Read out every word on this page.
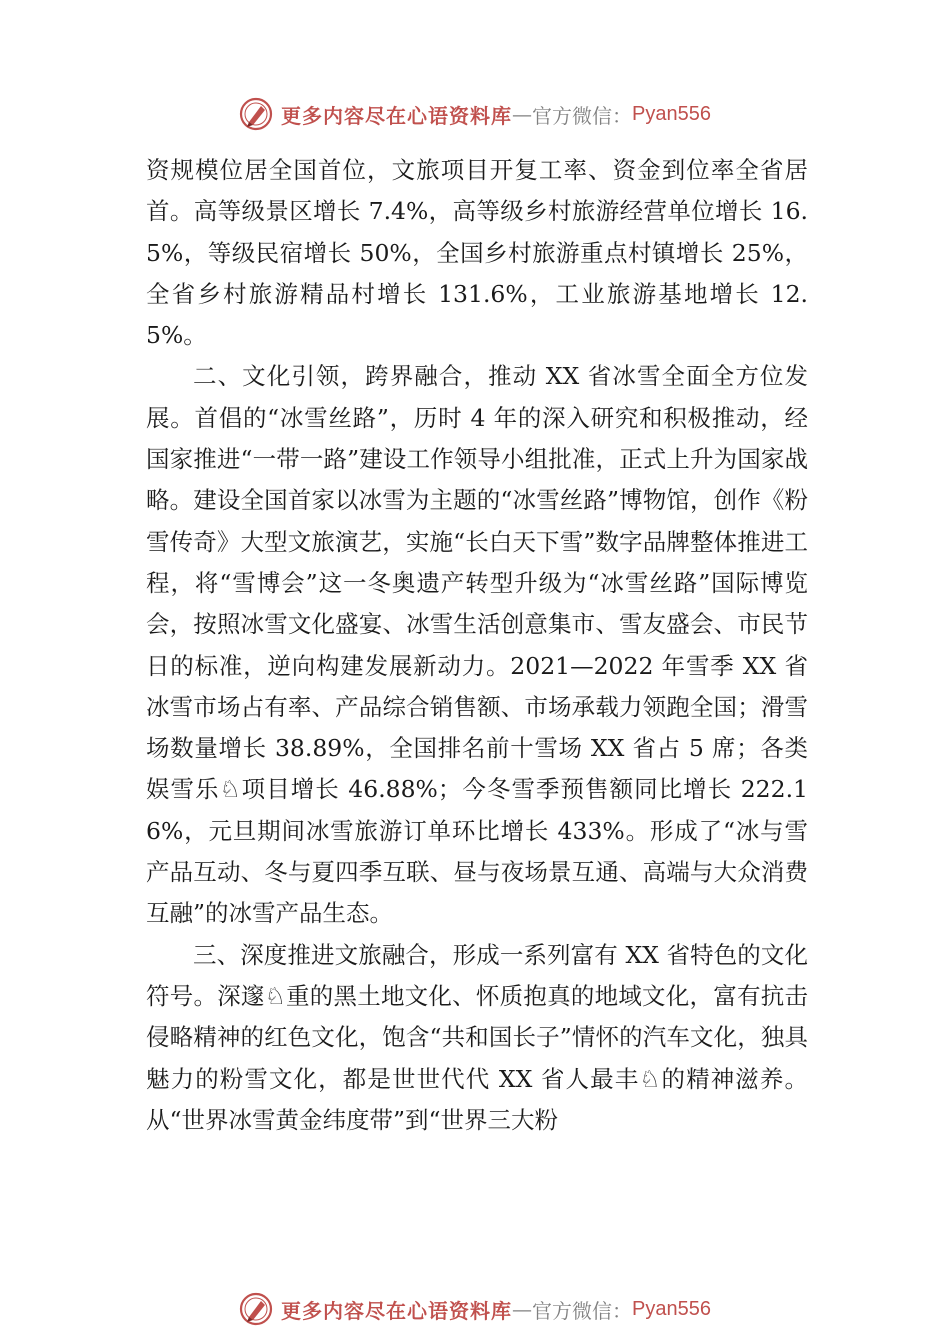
更多内容尽在心语资料库 — 官方微信： Pyan556

资规模位居全国首位，文旅项目开复工率、资金到位率全省居首。高等级景区增长 7.4%，高等级乡村旅游经营单位增长 16.5%，等级民宿增长 50%，全国乡村旅游重点村镇增长 25%，全省乡村旅游精品村增长 131.6%，工业旅游基地增长 12.5%。

二、文化引领，跨界融合，推动 XX 省冰雪全面全方位发展。首倡的“冰雪丝路”，历时 4 年的深入研究和积极推动，经国家推进“一带一路”建设工作领导小组批准，正式上升为国家战略。建设全国首家以冰雪为主题的“冰雪丝路”博物馆，创作《粉雪传奇》大型文旅演艺，实施“长白天下雪”数字品牌整体推进工程，将“雪博会”这一冬奥遗产转型升级为“冰雪丝路”国际博览会，按照冰雪文化盛宴、冰雪生活创意集市、雪友盛会、市民节日的标准，逆向构建发展新动力。2021—2022 年雪季 XX 省冰雪市场占有率、产品综合销售额、市场承载力领跑全国；滑雪场数量增长 38.89%，全国排名前十雪场 XX 省占 5 席；各类娱雪乐♘项目增长 46.88%；今冬雪季预售额同比增长 222.16%，元旦期间冰雪旅游订单环比增长 433%。形成了“冰与雪产品互动、冬与夏四季互联、昼与夜场景互通、高端与大众消费互融”的冰雪产品生态。

三、深度推进文旅融合，形成一系列富有 XX 省特色的文化符号。深邃♘重的黑土地文化、怀质抱真的地域文化，富有抗击侵略精神的红色文化，饱含“共和国长子”情怀的汽车文化，独具魅力的粉雪文化，都是世世代代 XX 省人最丰♘的精神滋养。从“世界冰雪黄金纬度带”到“世界三大粉

更多内容尽在心语资料库 — 官方微信： Pyan556
